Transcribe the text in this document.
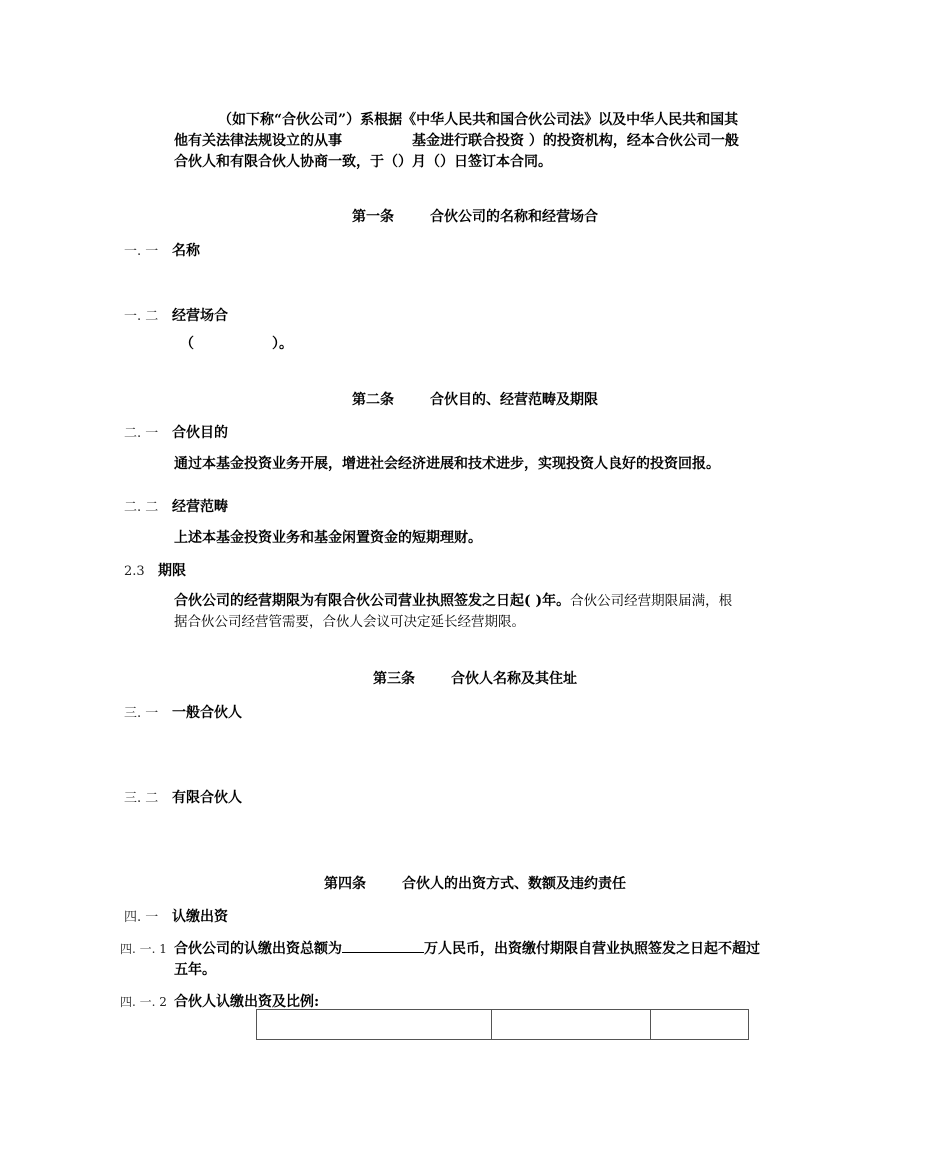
（如下称“合伙公司”）系根据《中华人民共和国合伙公司法》以及中华人民共和国其
他有关法律法规设立的从事	基金进行联合投资 ）的投资机构，经本合伙公司一般
合伙人和有限合伙人协商一致，于（）月（）日签订本合同。
第一条	合伙公司的名称和经营场合
一. 一 名称
一. 二 经营场合
（                ）。
第二条	合伙目的、经营范畴及期限
二. 一 合伙目的
通过本基金投资业务开展，增进社会经济进展和技术进步，实现投资人良好的投资回报。
二. 二 经营范畴
上述本基金投资业务和基金闲置资金的短期理财。
2.3 期限
合伙公司的经营期限为有限合伙公司营业执照签发之日起( )年。合伙公司经营期限届满，根
据合伙公司经营管需要，合伙人会议可决定延长经营期限。
第三条	合伙人名称及其住址
三. 一 一般合伙人
三. 二 有限合伙人
第四条	合伙人的出资方式、数额及违约责任
四. 一 认缴出资
四. 一. 1 合伙公司的认缴出资总额为	万人民币，出资缴付期限自营业执照签发之日起不超过
五年。
四. 一. 2 合伙人认缴出资及比例:
